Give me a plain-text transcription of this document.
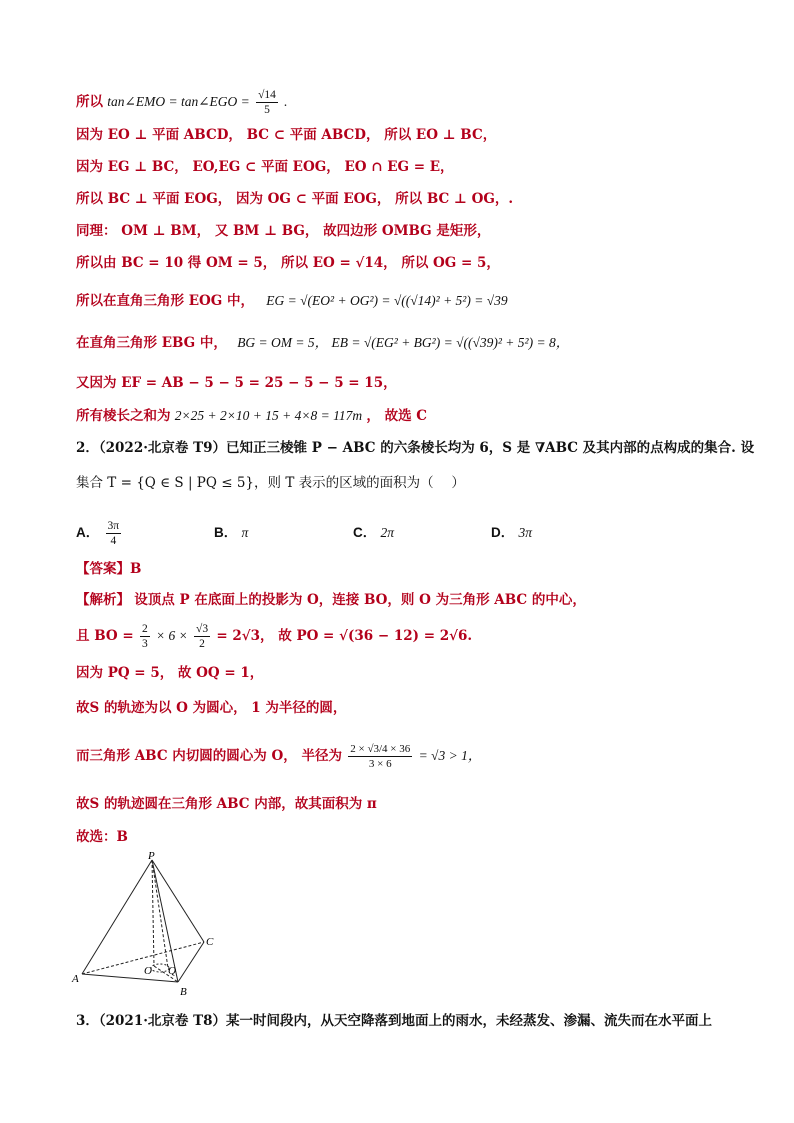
所以 tan∠EMO = tan∠EGO = $\frac{√14}{5}$ .
因为 EO ⊥ 平面 ABCD， BC ⊂ 平面 ABCD， 所以 EO ⊥ BC，
因为 EG ⊥ BC， EO,EG ⊂ 平面 EOG， EO ∩ EG = E，
所以 BC ⊥ 平面 EOG， 因为 OG ⊂ 平面 EOG， 所以 BC ⊥ OG，.
同理： OM ⊥ BM， 又 BM ⊥ BG， 故四边形 OMBG 是矩形，
所以由 BC = 10 得 OM = 5， 所以 EO = √14， 所以 OG = 5，
所以在直角三角形 EOG 中， EG = √(EO² + OG²) = √((√14)² + 5²) = √39
在直角三角形 EBG 中， BG = OM = 5， EB = √(EG² + BG²) = √((√39)² + 5²) = 8，
又因为 EF = AB − 5 − 5 = 25 − 5 − 5 = 15，
所有棱长之和为 2×25 + 2×10 + 15 + 4×8 = 117m ， 故选 C
2．（2022·北京卷 T9）已知正三棱锥 P − ABC 的六条棱长均为 6，S 是 ∇ABC 及其内部的点构成的集合. 设
集合 T = {Q ∈ S | PQ ≤ 5}，则 T 表示的区域的面积为（　 ）
A． $\frac{3\pi}{4}$	B． π	C． 2π	D． 3π
【答案】B
【解析】 设顶点 P 在底面上的投影为 O，连接 BO，则 O 为三角形 ABC 的中心，
且 BO = $\frac{2}{3} \times 6 \times \frac{√3}{2} = 2√3$， 故 PO = √(36 − 12) = 2√6.
因为 PQ = 5， 故 OQ = 1，
故S 的轨迹为以 O 为圆心， 1 为半径的圆，
而三角形 ABC 内切圆的圆心为 O， 半径为 $\frac{2 \times √3/4 \times 36}{3 \times 6} = √3 > 1$，
故S 的轨迹圆在三角形 ABC 内部，故其面积为 π
故选：B
P
A
B
C
O Q
3．（2021·北京卷 T8）某一时间段内，从天空降落到地面上的雨水，未经蒸发、渗漏、流失而在水平面上
